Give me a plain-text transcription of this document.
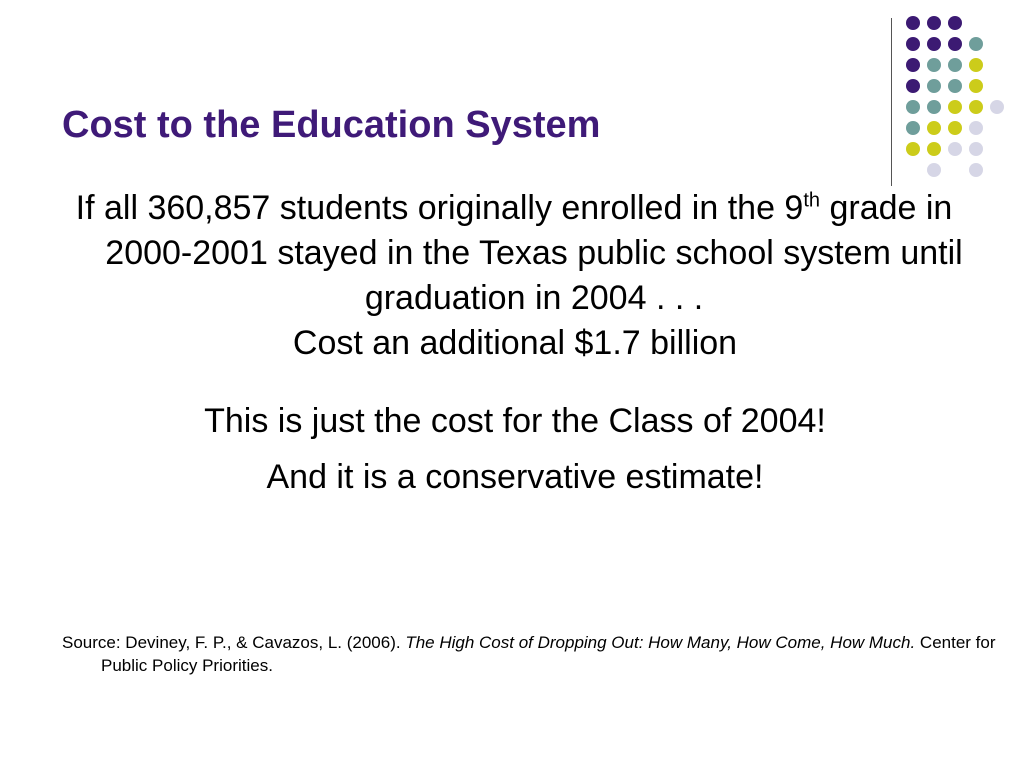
Cost to the Education System
If all 360,857 students originally enrolled in the 9th grade in 2000-2001 stayed in the Texas public school system until graduation in 2004 . . .
Cost an additional $1.7 billion
This is just the cost for the Class of 2004!
And it is a conservative estimate!
Source: Deviney, F. P., & Cavazos, L. (2006). The High Cost of Dropping Out: How Many, How Come, How Much. Center for Public Policy Priorities.
